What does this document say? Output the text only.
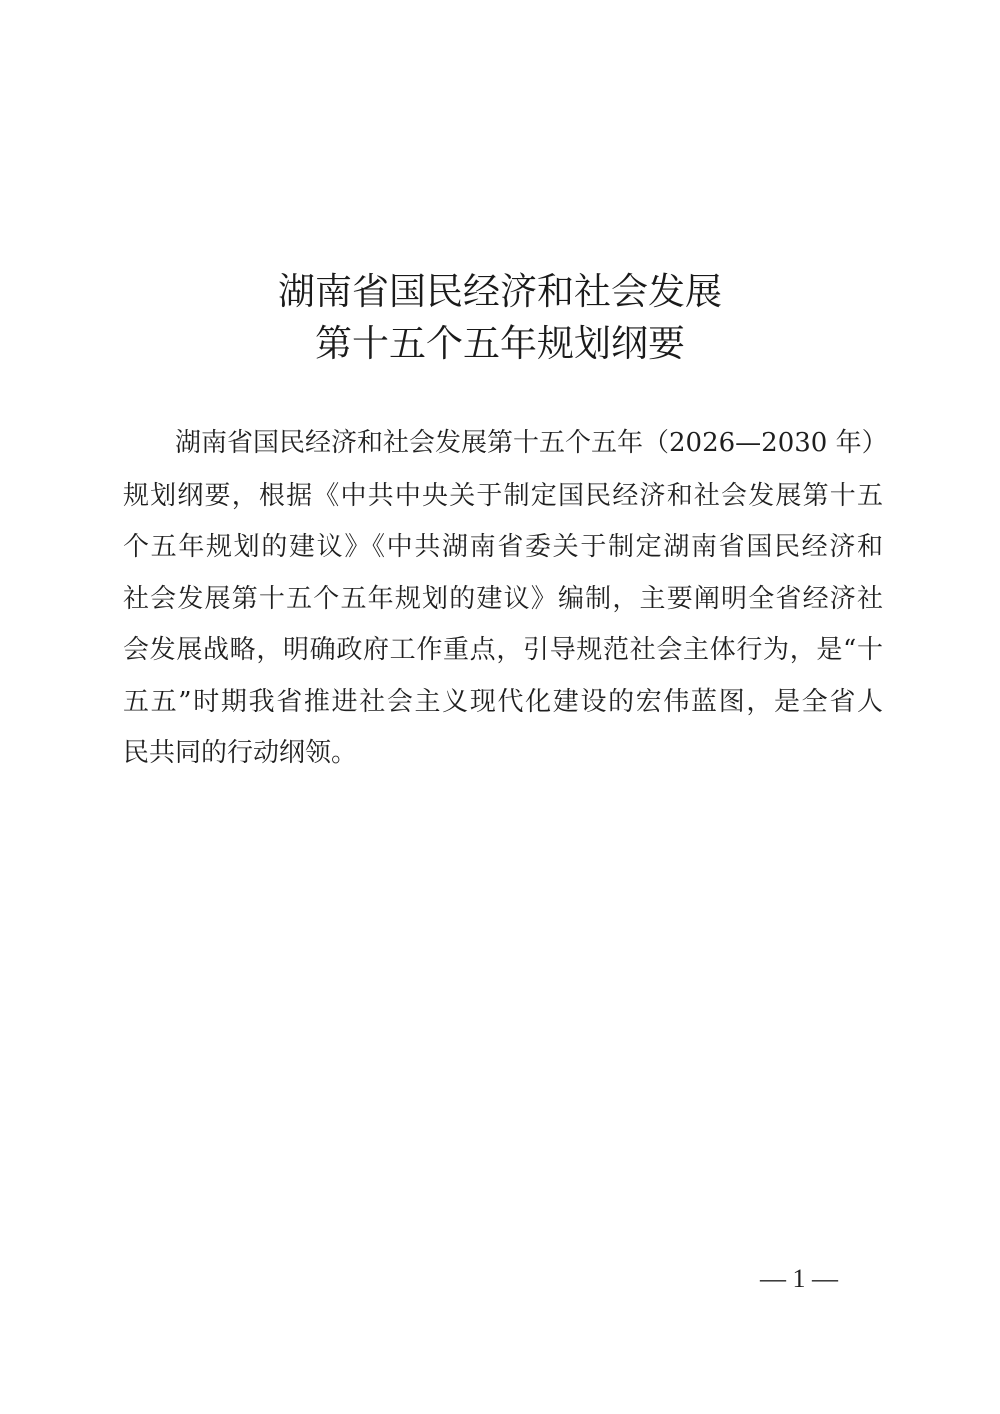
湖南省国民经济和社会发展
第十五个五年规划纲要

湖南省国民经济和社会发展第十五个五年（2026—2030 年）

规划纲要，根据《中共中央关于制定国民经济和社会发展第十五

个五年规划的建议》《中共湖南省委关于制定湖南省国民经济和

社会发展第十五个五年规划的建议》编制，主要阐明全省经济社

会发展战略，明确政府工作重点，引导规范社会主体行为，是“十

五五”时期我省推进社会主义现代化建设的宏伟蓝图，是全省人

民共同的行动纲领。

— 1 —
